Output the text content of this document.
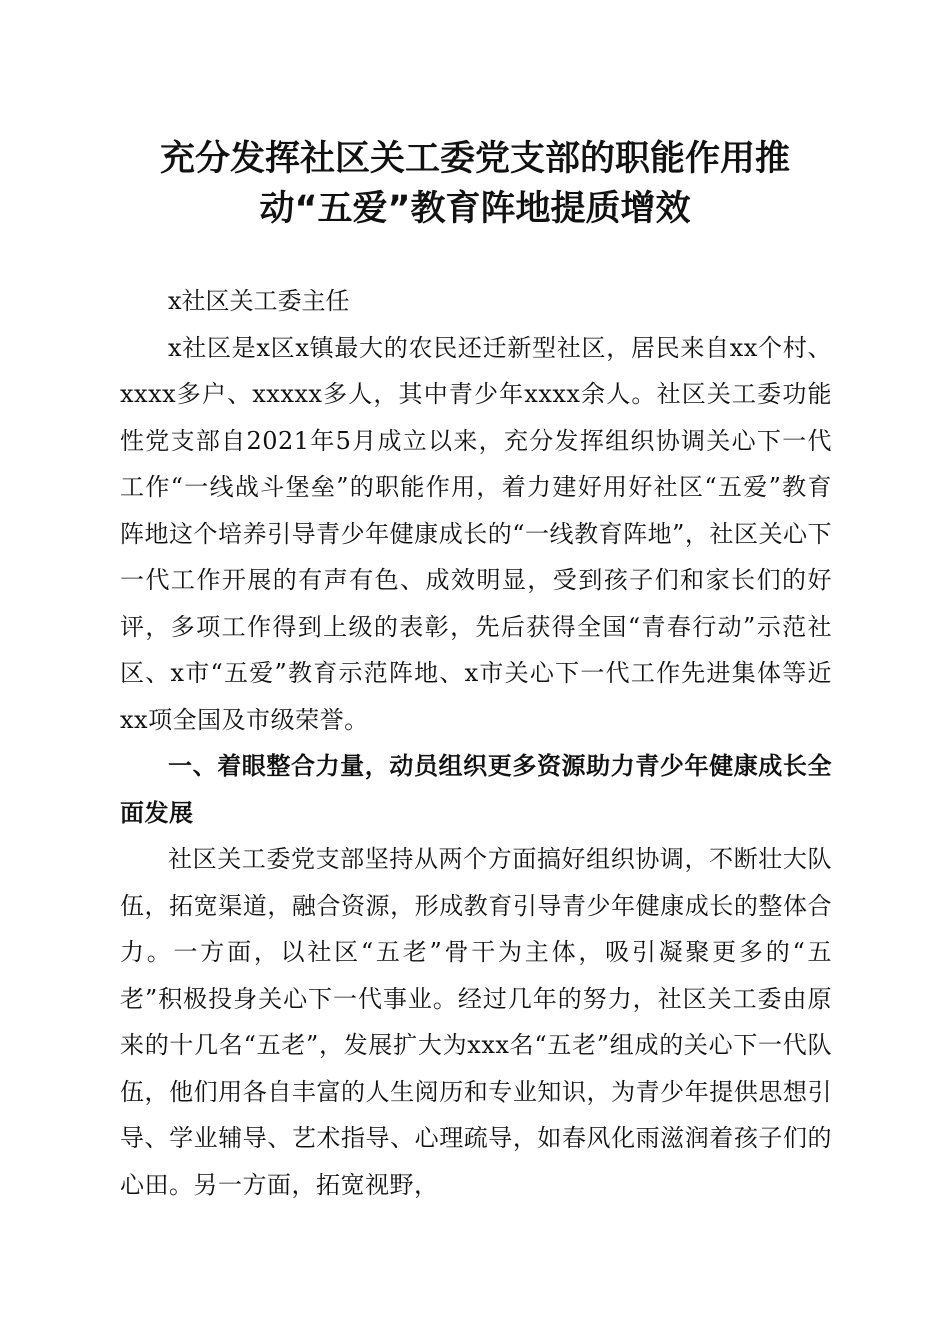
充分发挥社区关工委党支部的职能作用推
动“五爱”教育阵地提质增效

x社区关工委主任

x社区是x区x镇最大的农民还迁新型社区，居民来自xx个村、xxxx多户、xxxxx多人，其中青少年xxxx余人。社区关工委功能性党支部自2021年5月成立以来，充分发挥组织协调关心下一代工作“一线战斗堡垒”的职能作用，着力建好用好社区“五爱”教育阵地这个培养引导青少年健康成长的“一线教育阵地”，社区关心下一代工作开展的有声有色、成效明显，受到孩子们和家长们的好评，多项工作得到上级的表彰，先后获得全国“青春行动”示范社区、x市“五爱”教育示范阵地、x市关心下一代工作先进集体等近xx项全国及市级荣誉。

一、着眼整合力量，动员组织更多资源助力青少年健康成长全面发展

社区关工委党支部坚持从两个方面搞好组织协调，不断壮大队伍，拓宽渠道，融合资源，形成教育引导青少年健康成长的整体合力。一方面，以社区“五老”骨干为主体，吸引凝聚更多的“五老”积极投身关心下一代事业。经过几年的努力，社区关工委由原来的十几名“五老”，发展扩大为xxx名“五老”组成的关心下一代队伍，他们用各自丰富的人生阅历和专业知识，为青少年提供思想引导、学业辅导、艺术指导、心理疏导，如春风化雨滋润着孩子们的心田。另一方面，拓宽视野，
